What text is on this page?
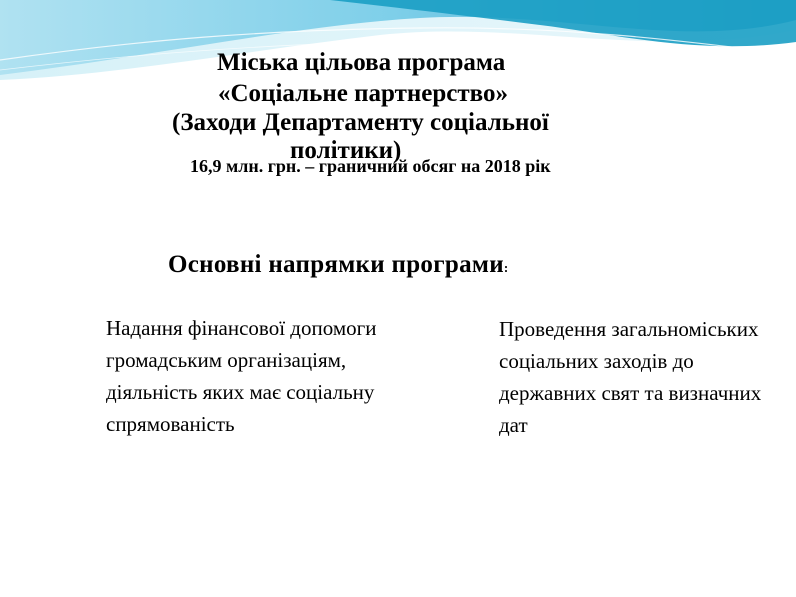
Міська цільова програма
«Соціальне партнерство»
(Заходи Департаменту соціальної
політики)
16,9 млн. грн. – граничний обсяг на 2018 рік
Основні напрямки програми:
Надання фінансової допомоги громадським організаціям, діяльність яких має соціальну спрямованість
Проведення загальноміських соціальних заходів до державних свят та визначних дат
